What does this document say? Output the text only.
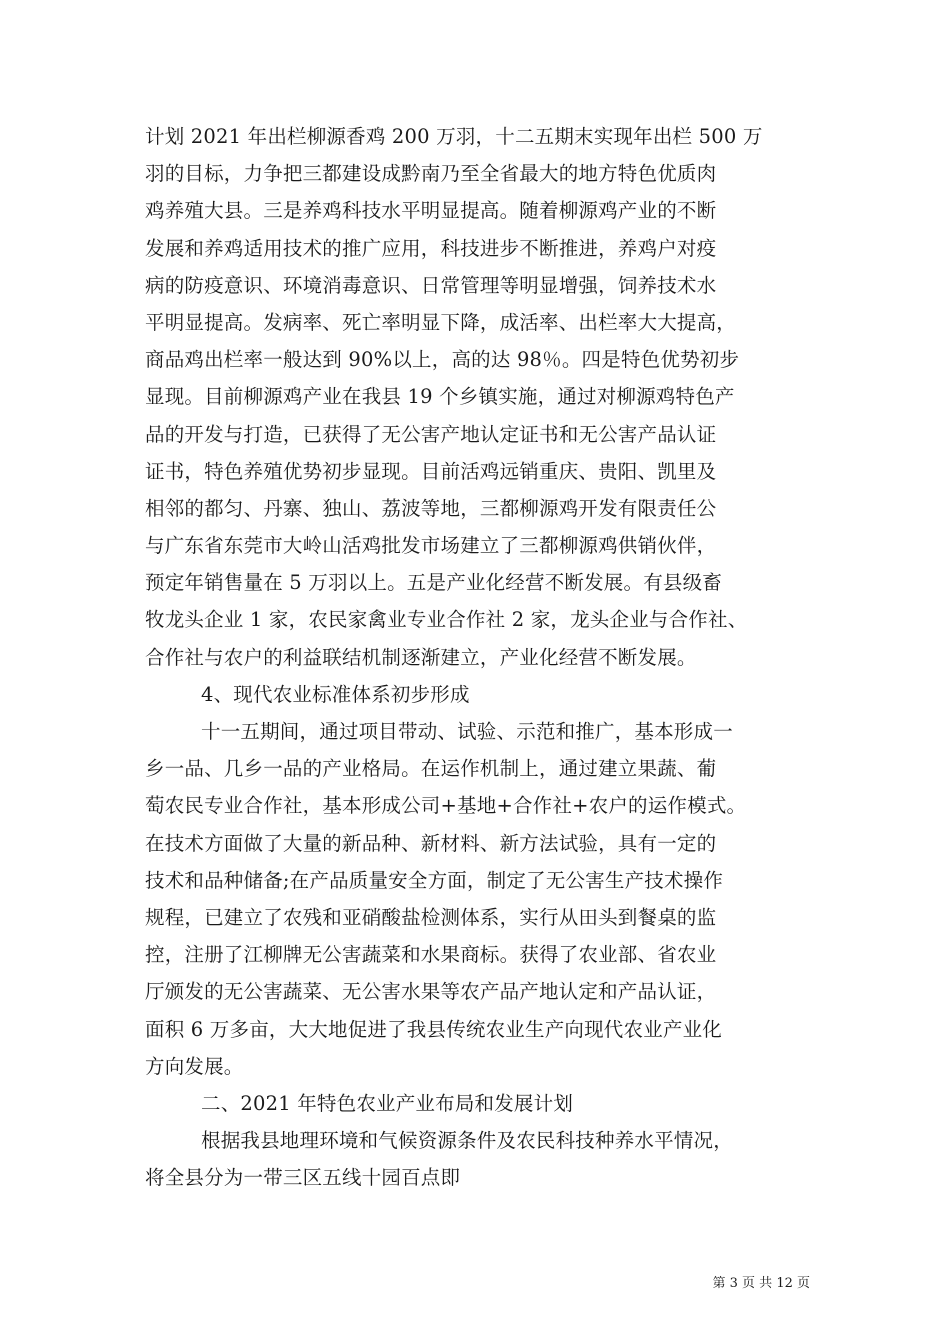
计划 2021 年出栏柳源香鸡 200 万羽，十二五期末实现年出栏 500 万
羽的目标，力争把三都建设成黔南乃至全省最大的地方特色优质肉
鸡养殖大县。三是养鸡科技水平明显提高。随着柳源鸡产业的不断
发展和养鸡适用技术的推广应用，科技进步不断推进，养鸡户对疫
病的防疫意识、环境消毒意识、日常管理等明显增强，饲养技术水
平明显提高。发病率、死亡率明显下降，成活率、出栏率大大提高，
商品鸡出栏率一般达到 90%以上，高的达 98％。四是特色优势初步
显现。目前柳源鸡产业在我县 19 个乡镇实施，通过对柳源鸡特色产
品的开发与打造，已获得了无公害产地认定证书和无公害产品认证
证书，特色养殖优势初步显现。目前活鸡远销重庆、贵阳、凯里及
相邻的都匀、丹寨、独山、荔波等地，三都柳源鸡开发有限责任公
与广东省东莞市大岭山活鸡批发市场建立了三都柳源鸡供销伙伴，
预定年销售量在 5 万羽以上。五是产业化经营不断发展。有县级畜
牧龙头企业 1 家，农民家禽业专业合作社 2 家，龙头企业与合作社、
合作社与农户的利益联结机制逐渐建立，产业化经营不断发展。
4、现代农业标准体系初步形成
十一五期间，通过项目带动、试验、示范和推广，基本形成一
乡一品、几乡一品的产业格局。在运作机制上，通过建立果蔬、葡
萄农民专业合作社，基本形成公司+基地+合作社+农户的运作模式。
在技术方面做了大量的新品种、新材料、新方法试验，具有一定的
技术和品种储备;在产品质量安全方面，制定了无公害生产技术操作
规程，已建立了农残和亚硝酸盐检测体系，实行从田头到餐桌的监
控，注册了江柳牌无公害蔬菜和水果商标。获得了农业部、省农业
厅颁发的无公害蔬菜、无公害水果等农产品产地认定和产品认证，
面积 6 万多亩，大大地促进了我县传统农业生产向现代农业产业化
方向发展。
二、2021 年特色农业产业布局和发展计划
根据我县地理环境和气候资源条件及农民科技种养水平情况，
将全县分为一带三区五线十园百点即
第 3 页 共 12 页
